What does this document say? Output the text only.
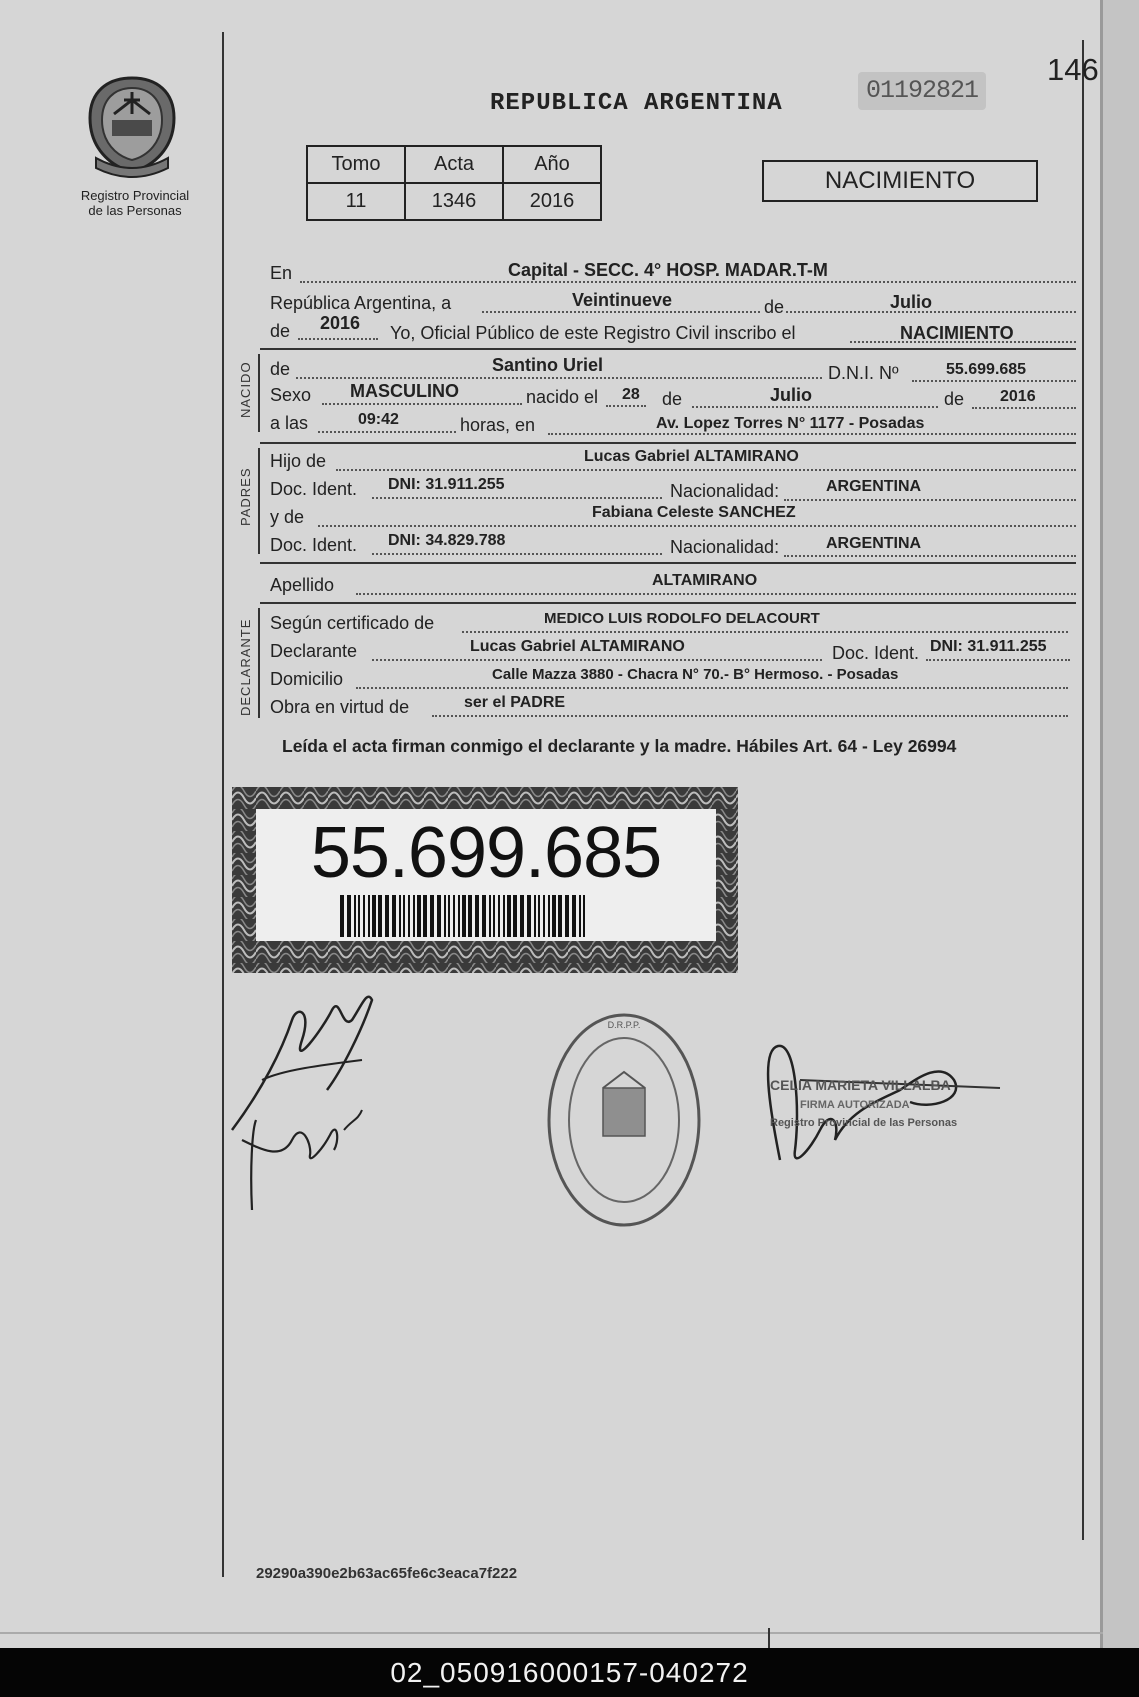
Registro Provincial
de las Personas
146
01192821
REPUBLICA ARGENTINA
Tomo	Acta	Año
11	1346	2016
NACIMIENTO
En	Capital - SECC. 4° HOSP. MADAR.T-M
República Argentina, a	Veintinueve	de	Julio
de 2016 Yo, Oficial Público de este Registro Civil inscribo el	NACIMIENTO
NACIDO de	Santino Uriel	D.N.I. Nº	55.699.685
Sexo MASCULINO	nacido el 28 de	Julio	de 2016
a las	09:42	horas, en	Av. Lopez Torres N° 1177 - Posadas
PADRES
Hijo de	Lucas Gabriel ALTAMIRANO
Doc. Ident. DNI: 31.911.255	Nacionalidad:	ARGENTINA
y de	Fabiana Celeste SANCHEZ
Doc. Ident. DNI: 34.829.788	Nacionalidad:	ARGENTINA
Apellido	ALTAMIRANO
DECLARANTE Según certificado de	MEDICO LUIS RODOLFO DELACOURT
Declarante	Lucas Gabriel ALTAMIRANO	Doc. Ident. DNI: 31.911.255
Domicilio	Calle Mazza 3880 - Chacra N° 70.- B° Hermoso. - Posadas
Obra en virtud de	ser el PADRE
Leída el acta firman conmigo el declarante y la madre. Hábiles Art. 64 - Ley 26994
55.699.685
D.R.P.P.
CELIA MARIETA VILLALBA
FIRMA AUTORIZADA
Registro Provincial de las Personas
29290a390e2b63ac65fe6c3eaca7f222
02_050916000157-040272
